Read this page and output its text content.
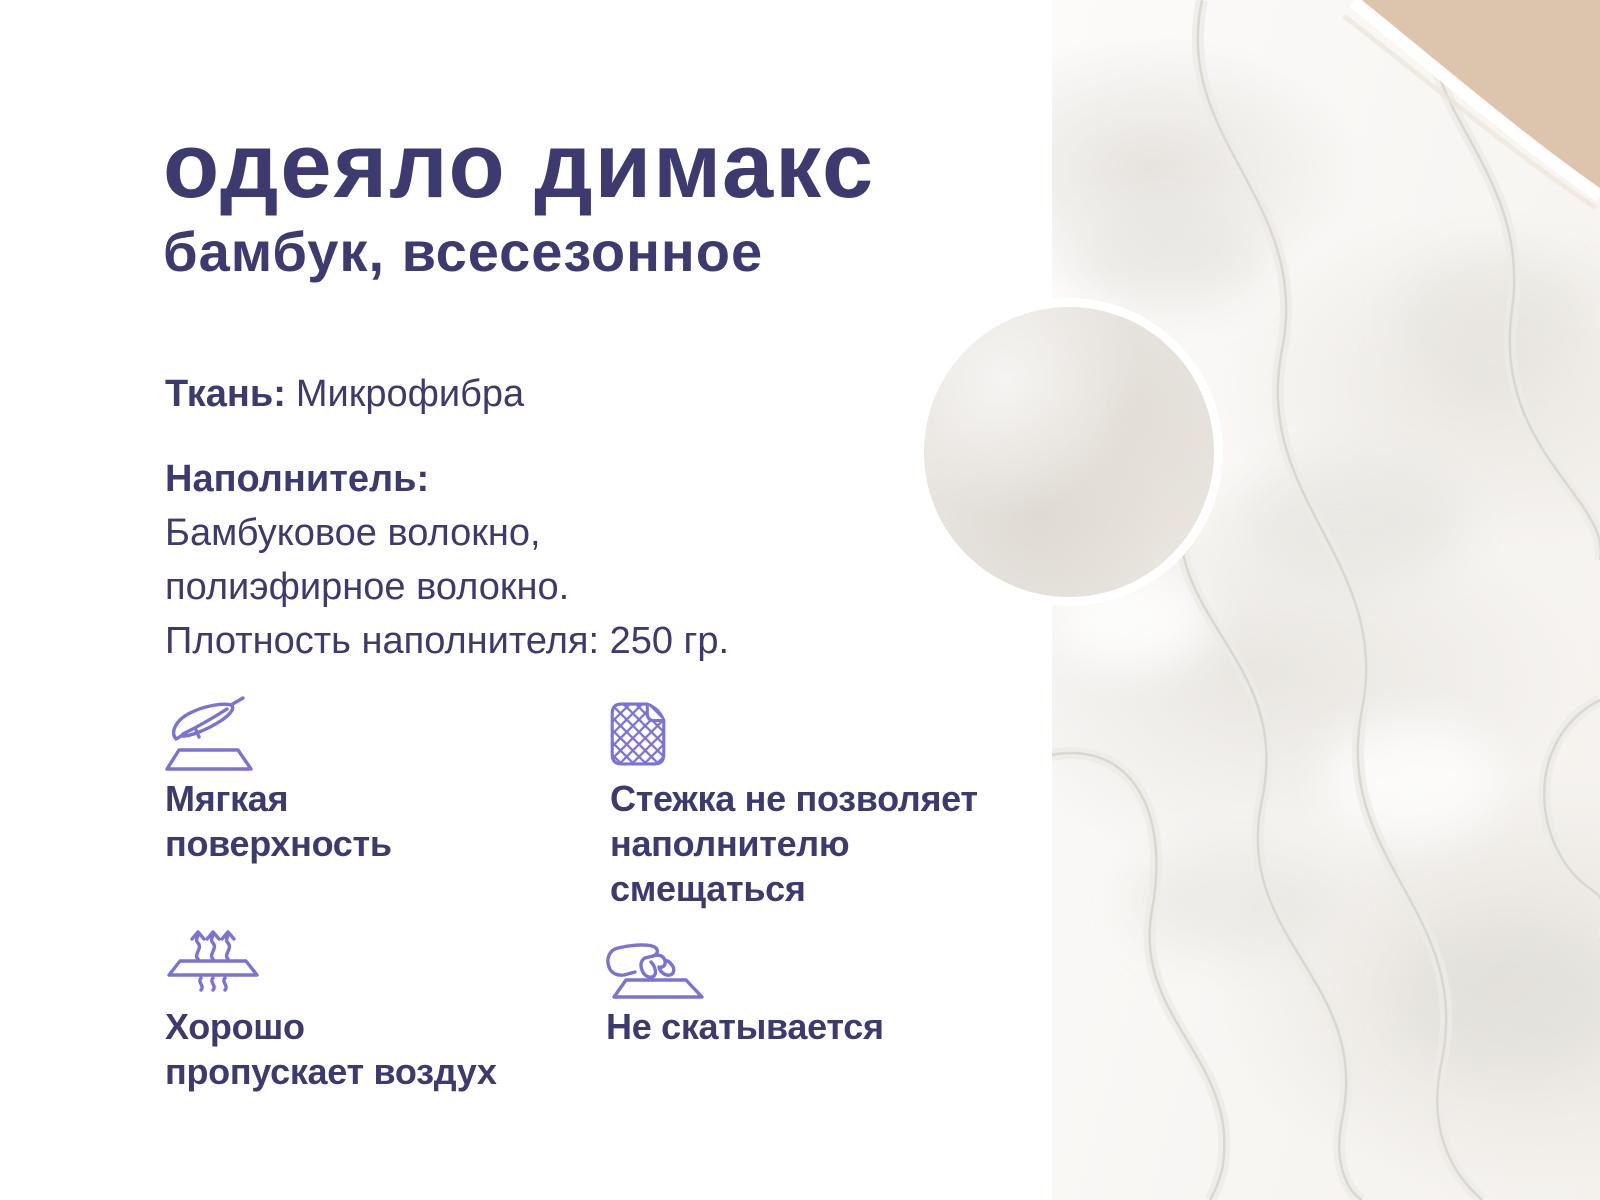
одеяло димакс
бамбук, всесезонное
Ткань: Микрофибра
Наполнитель:
Бамбуковое волокно,
полиэфирное волокно.
Плотность наполнителя: 250 гр.
Мягкая
поверхность
Стежка не позволяет
наполнителю
смещаться
Хорошо
пропускает воздух
Не скатывается
